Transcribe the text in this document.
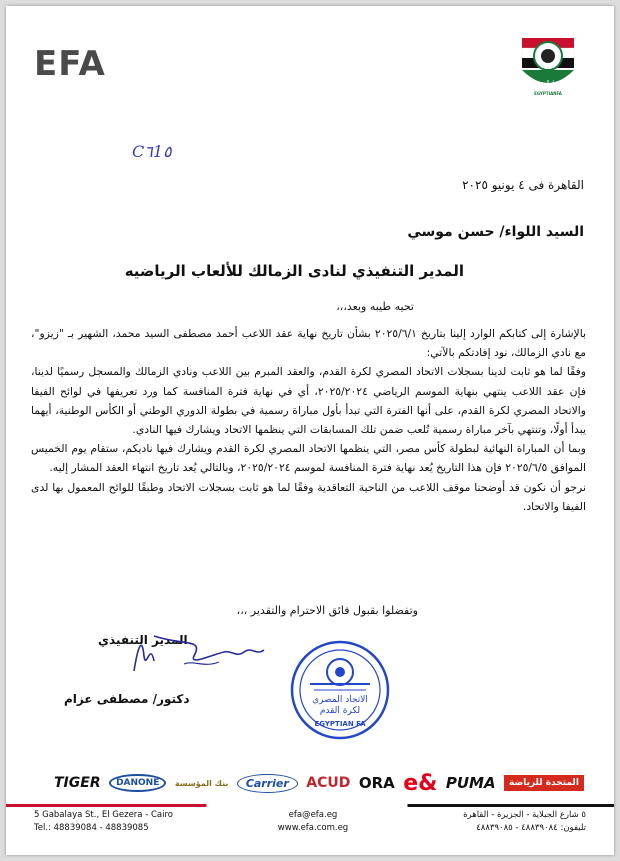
EFA	الاتحاد المصري
لكرة القدم
EGYPTIANFA
C٦1٥
القاهرة فى ٤ يونيو ٢٠٢٥
السيد اللواء/ حسن موسي
المدير التنفيذي لنادى الزمالك للألعاب الرياضيه
تحيه طيبه وبعد،،،

بالإشارة إلى كتابكم الوارد إلينا بتاريخ ٢٠٢٥/٦/١ بشأن تاريخ نهاية عقد اللاعب أحمد مصطفى السيد محمد، الشهير بـ "زيزو"، مع نادي الزمالك، نود إفادتكم بالآتي:

وفقًا لما هو ثابت لدينا بسجلات الاتحاد المصري لكرة القدم، والعقد المبرم بين اللاعب ونادي الزمالك والمسجل رسميًا لدينا، فإن عقد اللاعب ينتهي بنهاية الموسم الرياضي ٢٠٢٥/٢٠٢٤، أي في نهاية فترة المنافسة كما ورد تعريفها في لوائح الفيفا والاتحاد المصري لكرة القدم، على أنها الفترة التي تبدأ بأول مباراة رسمية في بطولة الدوري الوطني أو الكأس الوطنية، أيهما يبدأ أولًا، وتنتهي بآخر مباراة رسمية تُلعب ضمن تلك المسابقات التي ينظمها الاتحاد ويشارك فيها النادي.

وبما أن المباراة النهائية لبطولة كأس مصر، التي ينظمها الاتحاد المصري لكرة القدم ويشارك فيها ناديكم، ستقام يوم الخميس الموافق ٢٠٢٥/٦/٥ فإن هذا التاريخ يُعد نهاية فترة المنافسة لموسم ٢٠٢٥/٢٠٢٤، وبالتالي يُعد تاريخ انتهاء العقد المشار إليه.

نرجو أن نكون قد أوضحنا موقف اللاعب من الناحية التعاقدية وفقًا لما هو ثابت بسجلات الاتحاد وطبقًا للوائح المعمول بها لدى الفيفا والاتحاد.

وتفضلوا بقبول فائق الاحترام والتقدير ،،،
المدير التنفيذي
دكتور/ مصطفى عزام	الاتحاد المصري
لكرة القدم
EGYPTIAN FA
TIGER	DANONE	بنك المؤسسة	Carrier	ACUD ORA e& PUMA	المتحدة للرياضة
5 Gabalaya St., El Gezera - Cairo
Tel.: 48839084 - 48839085
efa@efa.eg
www.efa.com.eg
٥ شارع الجبلاية - الجزيرة - القاهرة
تليفون: ٤٨٨٣٩٠٨٤ - ٤٨٨٣٩٠٨٥
